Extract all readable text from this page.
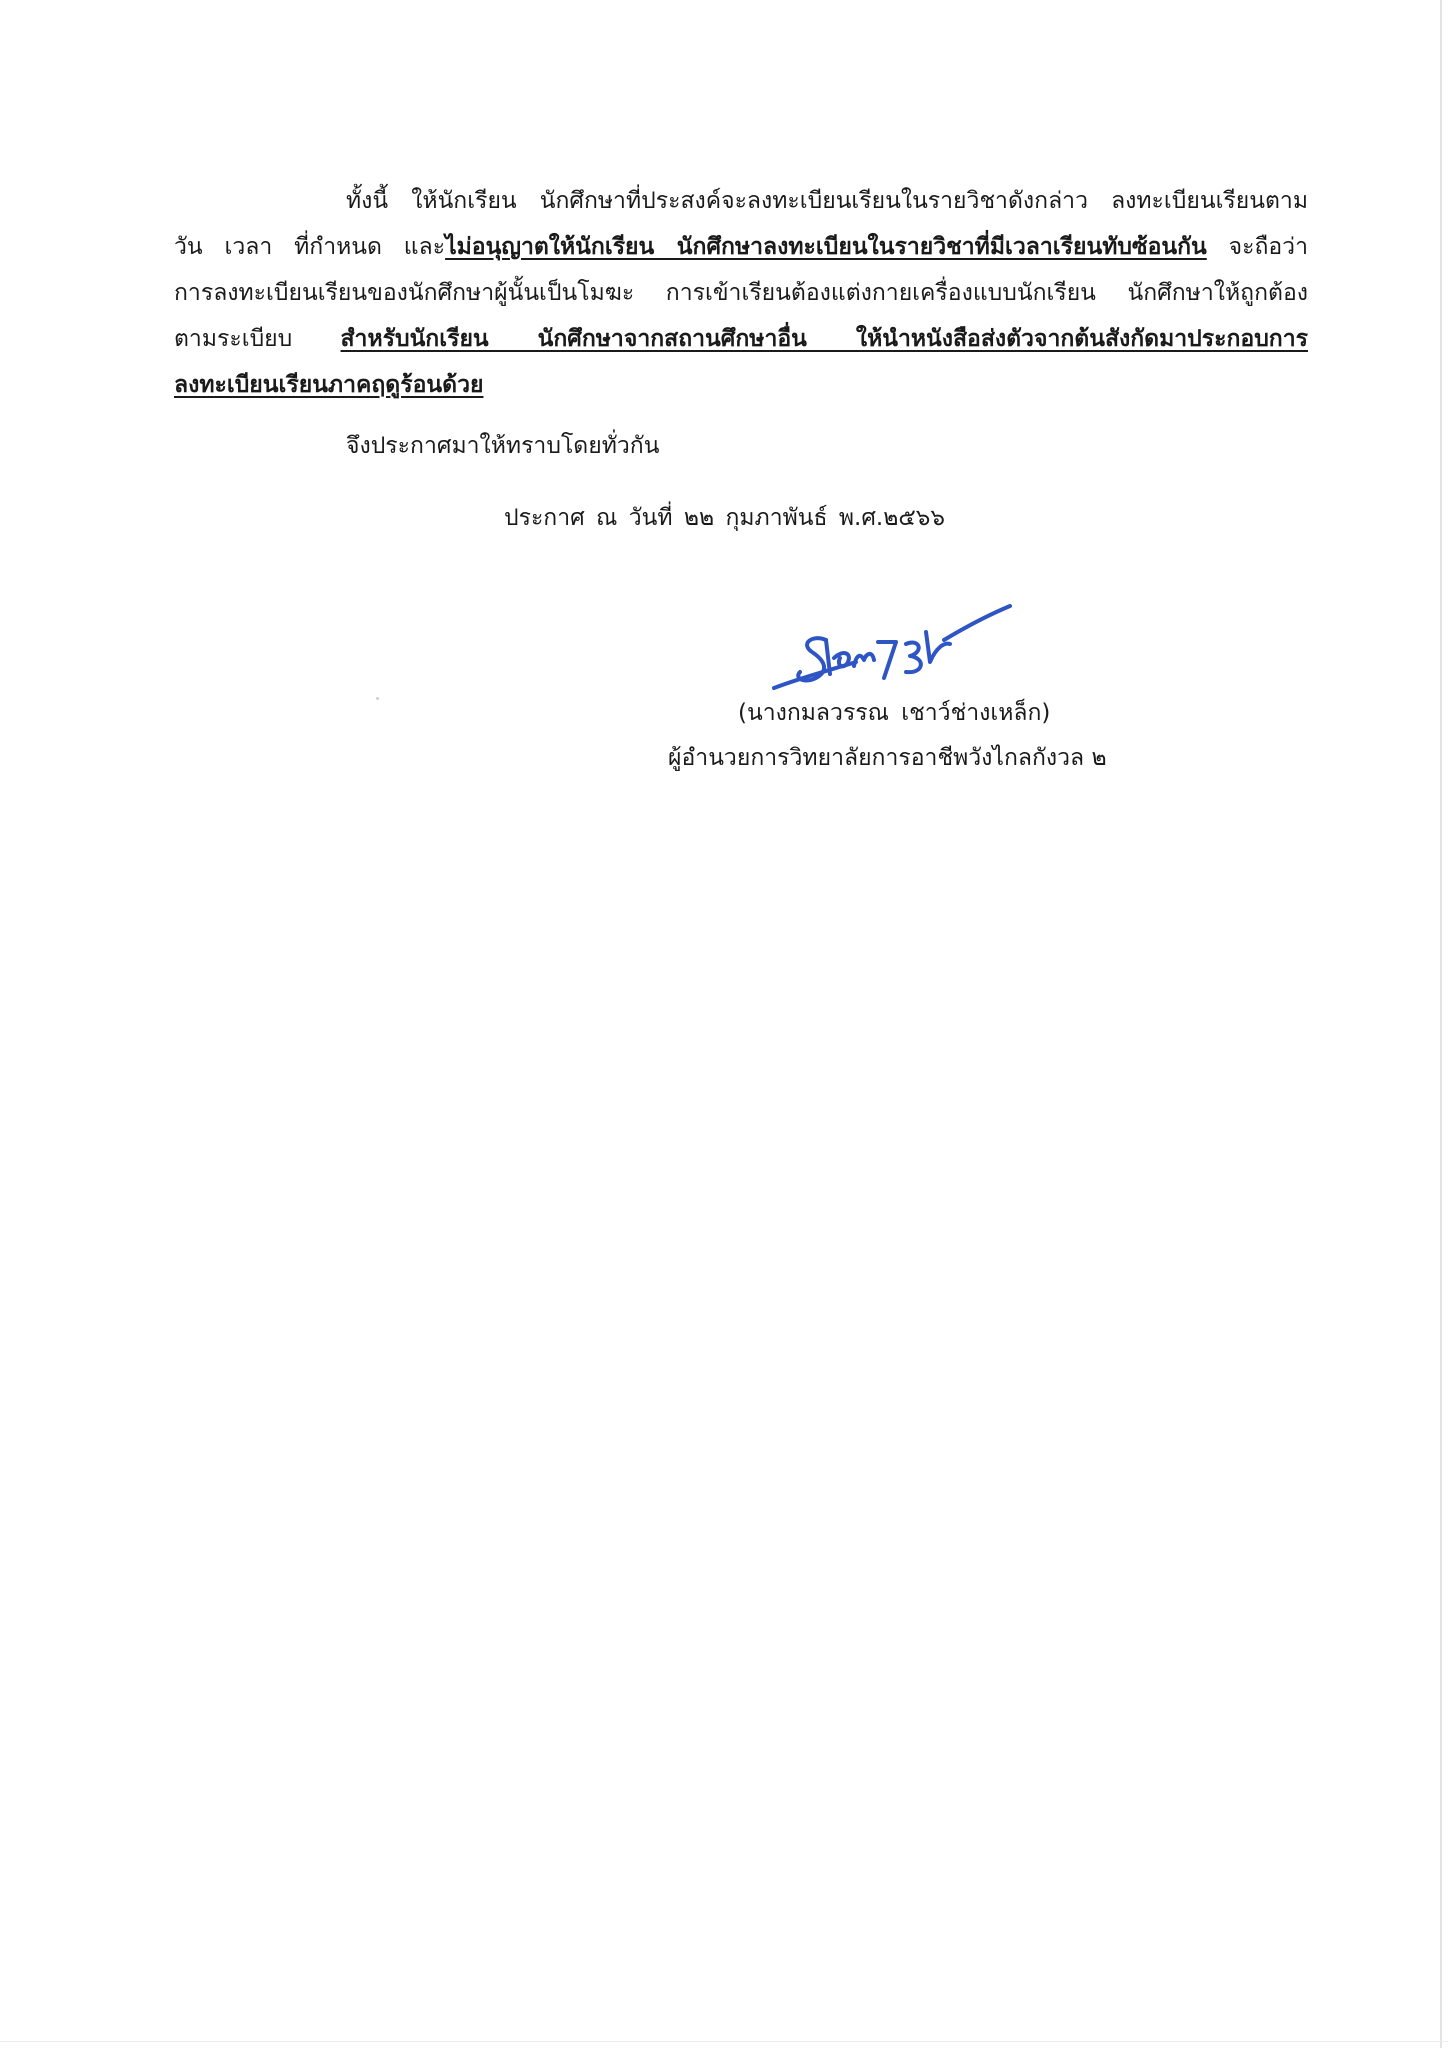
ทั้งนี้ ให้นักเรียน นักศึกษาที่ประสงค์จะลงทะเบียนเรียนในรายวิชาดังกล่าว ลงทะเบียนเรียนตาม
วัน เวลา ที่กำหนด และไม่อนุญาตให้นักเรียน นักศึกษาลงทะเบียนในรายวิชาที่มีเวลาเรียนทับซ้อนกัน จะถือว่า
การลงทะเบียนเรียนของนักศึกษาผู้นั้นเป็นโมฆะ การเข้าเรียนต้องแต่งกายเครื่องแบบนักเรียน นักศึกษาให้ถูกต้อง
ตามระเบียบ สำหรับนักเรียน นักศึกษาจากสถานศึกษาอื่น ให้นำหนังสือส่งตัวจากต้นสังกัดมาประกอบการ
ลงทะเบียนเรียนภาคฤดูร้อนด้วย
จึงประกาศมาให้ทราบโดยทั่วกัน
ประกาศ ณ วันที่ ๒๒ กุมภาพันธ์ พ.ศ.๒๕๖๖
(นางกมลวรรณ เชาว์ช่างเหล็ก)
ผู้อำนวยการวิทยาลัยการอาชีพวังไกลกังวล ๒
